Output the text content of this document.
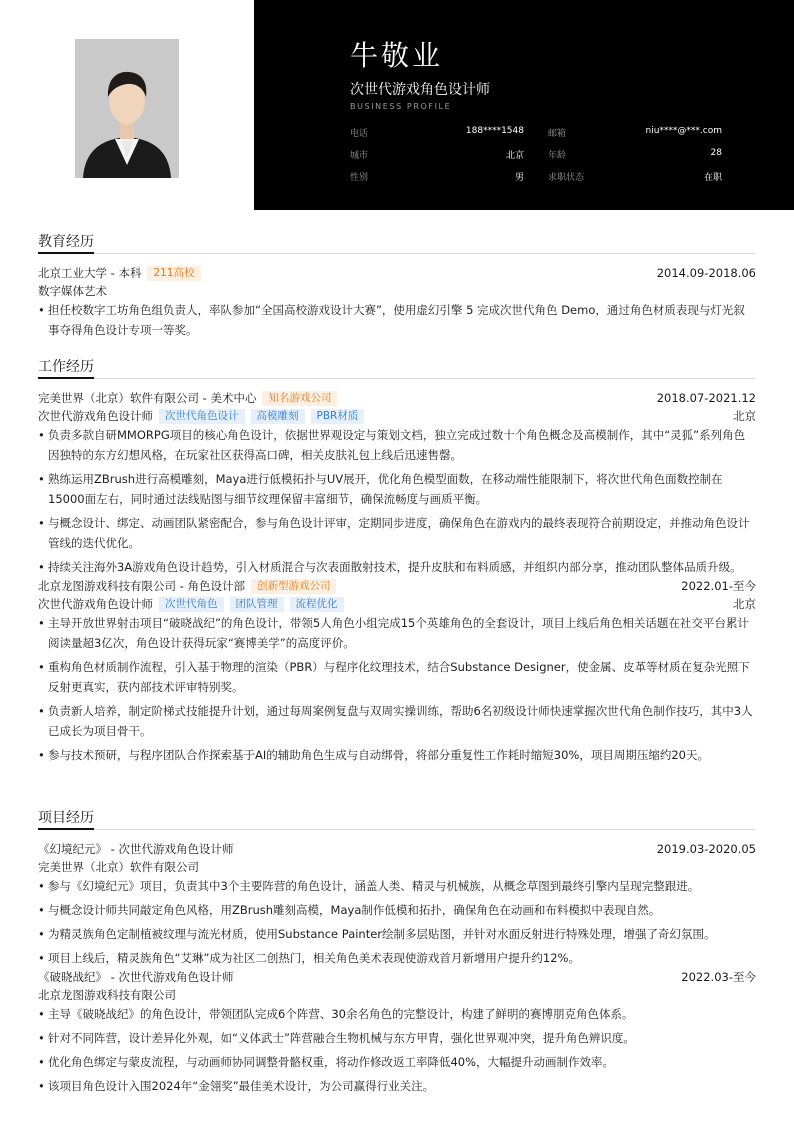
牛敬业
次世代游戏角色设计师
BUSINESS PROFILE
电话	188****1548	邮箱	niu****@***.com
城市	北京	年龄	28
性别	男	求职状态	在职
教育经历
北京工业大学 - 本科 211高校	2014.09-2018.06
数字媒体艺术
• 担任校数字工坊角色组负责人，率队参加“全国高校游戏设计大赛”，使用虚幻引擎 5 完成次世代角色 Demo，通过角色材质表现与灯光叙事夺得角色设计专项一等奖。
工作经历
完美世界（北京）软件有限公司 - 美术中心 知名游戏公司	2018.07-2021.12
次世代游戏角色设计师 次世代角色设计 高模雕刻 PBR材质	北京
• 负责多款自研MMORPG项目的核心角色设计，依据世界观设定与策划文档，独立完成过数十个角色概念及高模制作，其中“灵狐”系列角色因独特的东方幻想风格，在玩家社区获得高口碑，相关皮肤礼包上线后迅速售罄。
• 熟练运用ZBrush进行高模雕刻，Maya进行低模拓扑与UV展开，优化角色模型面数，在移动端性能限制下，将次世代角色面数控制在15000面左右，同时通过法线贴图与细节纹理保留丰富细节，确保流畅度与画质平衡。
• 与概念设计、绑定、动画团队紧密配合，参与角色设计评审，定期同步进度，确保角色在游戏内的最终表现符合前期设定，并推动角色设计管线的迭代优化。
• 持续关注海外3A游戏角色设计趋势，引入材质混合与次表面散射技术，提升皮肤和布料质感，并组织内部分享，推动团队整体品质升级。
北京龙图游戏科技有限公司 - 角色设计部 创新型游戏公司	2022.01-至今
次世代游戏角色设计师 次世代角色 团队管理 流程优化	北京
• 主导开放世界射击项目“破晓战纪”的角色设计，带领5人角色小组完成15个英雄角色的全套设计，项目上线后角色相关话题在社交平台累计阅读量超3亿次，角色设计获得玩家“赛博美学”的高度评价。
• 重构角色材质制作流程，引入基于物理的渲染（PBR）与程序化纹理技术，结合Substance Designer，使金属、皮革等材质在复杂光照下反射更真实，获内部技术评审特别奖。
• 负责新人培养，制定阶梯式技能提升计划，通过每周案例复盘与双周实操训练，帮助6名初级设计师快速掌握次世代角色制作技巧，其中3人已成长为项目骨干。
• 参与技术预研，与程序团队合作探索基于AI的辅助角色生成与自动绑骨，将部分重复性工作耗时缩短30%，项目周期压缩约20天。
项目经历
《幻境纪元》 - 次世代游戏角色设计师	2019.03-2020.05
完美世界（北京）软件有限公司
• 参与《幻境纪元》项目，负责其中3个主要阵营的角色设计，涵盖人类、精灵与机械族，从概念草图到最终引擎内呈现完整跟进。
• 与概念设计师共同敲定角色风格，用ZBrush雕刻高模，Maya制作低模和拓扑，确保角色在动画和布料模拟中表现自然。
• 为精灵族角色定制植被纹理与流光材质，使用Substance Painter绘制多层贴图，并针对水面反射进行特殊处理，增强了奇幻氛围。
• 项目上线后，精灵族角色“艾琳”成为社区二创热门，相关角色美术表现使游戏首月新增用户提升约12%。
《破晓战纪》 - 次世代游戏角色设计师	2022.03-至今
北京龙图游戏科技有限公司
• 主导《破晓战纪》的角色设计，带领团队完成6个阵营、30余名角色的完整设计，构建了鲜明的赛博朋克角色体系。
• 针对不同阵营，设计差异化外观，如“义体武士”阵营融合生物机械与东方甲胄，强化世界观冲突，提升角色辨识度。
• 优化角色绑定与蒙皮流程，与动画师协同调整骨骼权重，将动作修改返工率降低40%，大幅提升动画制作效率。
• 该项目角色设计入围2024年“金翎奖”最佳美术设计，为公司赢得行业关注。
